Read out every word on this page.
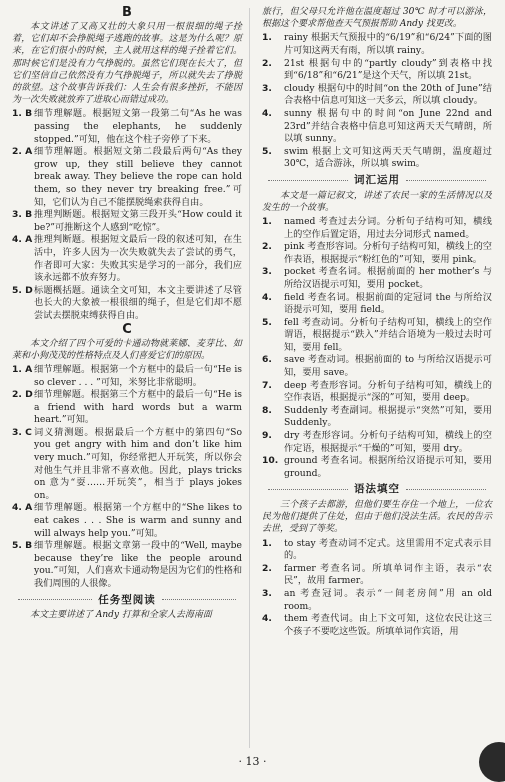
B

本文讲述了又高又壮的大象只用一根很细的绳子拴着，它们却不会挣脱绳子逃跑的故事。这是为什么呢？原来，在它们很小的时候，主人就用这样的绳子拴着它们。那时候它们是没有力气挣脱的。虽然它们现在长大了，但它们坚信自己依然没有力气挣脱绳子，所以就失去了挣脱的欲望。这个故事告诉我们：人生会有很多挫折，不能因为一次失败就放弃了进取心而错过成功。

1. B 细节理解题。根据短文第一段第二句“As he was passing the elephants, he suddenly stopped.”可知，他在这个柱子旁停了下来。
2. A 细节理解题。根据短文第二段最后两句“As they grow up, they still believe they cannot break away. They believe the rope can hold them, so they never try breaking free.”可知，它们认为自己不能摆脱绳索获得自由。
3. B 推理判断题。根据短文第三段开头“How could it be?”可推断这个人感到“吃惊”。
4. A 推理判断题。根据短文最后一段的叙述可知，在生活中，许多人因为一次失败就失去了尝试的勇气，作者即可大家：失败其实是学习的一部分，我们应该永远都不放弃努力。
5. D 标题概括题。通读全文可知，本文主要讲述了尽管也长大的大象被一根很细的绳子，但是它们却不愿尝试去摆脱束缚获得自由。
C

本文介绍了四个可爱的卡通动物就莱娜、麦芽比、如莱和小狗茂茂的性格特点及人们喜爱它们的原因。

1. A 细节理解题。根据第一个方框中的最后一句“He is so clever . . . ”可知，米努比非常聪明。
2. D 细节理解题。根据第三个方框中的最后一句“He is a friend with hard words but a warm heart.”可知。
3. C 词义猜测题。根据最后一个方框中的第四句“So you get angry with him and don’t like him very much.”可知，你经常把人开玩笑，所以你会对他生气并且非常不喜欢他。因此，plays tricks on 意为“耍……开玩笑”，相当于 plays jokes on。
4. A 细节理解题。根据第一个方框中的“She likes to eat cakes . . . She is warm and sunny and will always help you.”可知。
5. B 细节理解题。根据文章第一段中的“Well, maybe because they’re like the people around you.”可知，人们喜欢卡通动物是因为它们的性格和我们周围的人很像。
任务型阅读

本文主要讲述了 Andy 打算和全家人去海南面

旅行，但父母只允许他在温度超过 30℃ 时才可以游泳，根据这个要求帮他查天气预报帮助 Andy 找更改。

1.	rainy 根据天气预报中的“6/19”和“6/24”下面的图片可知这两天有雨，所以填 rainy。
2.	21st 根据句中的“partly cloudy”到表格中找到“6/18”和“6/21”是这个天气，所以填 21st。
3.	cloudy 根据句中的时间“on the 20th of June”结合表格中信息可知这一天多云，所以填 cloudy。
4.	sunny 根据句中的时间“on June 22nd and 23rd”并结合表格中信息可知这两天天气晴朗，所以填 sunny。
5.	swim 根据上文可知这两天天气晴朗，温度超过 30℃，适合游泳，所以填 swim。
词汇运用

本文是一篇记叙文，讲述了农民一家的生活情况以及发生的一个故事。

1.	named 考查过去分词。分析句子结构可知，横线上的空作后置定语，用过去分词形式 named。
2.	pink 考查形容词。分析句子结构可知，横线上的空作表语，根据提示“粉红色的”可知，要用 pink。
3.	pocket 考查名词。根据前面的 her mother’s 与所给汉语提示可知，要用 pocket。
4.	field 考查名词。根据前面的定冠词 the 与所给汉语提示可知，要用 field。
5.	fell 考查动词。分析句子结构可知，横线上的空作谓语，根据提示“跌入”并结合语境为一般过去时可知，要用 fell。
6.	save 考查动词。根据前面的 to 与所给汉语提示可知，要用 save。
7.	deep 考查形容词。分析句子结构可知，横线上的空作表语，根据提示“深的”可知，要用 deep。
8.	Suddenly 考查副词。根据提示“突然”可知，要用 Suddenly。
9.	dry 考查形容词。分析句子结构可知，横线上的空作定语，根据提示“干燥的”可知，要用 dry。
10. ground 考查名词。根据所给汉语提示可知，要用 ground。
语法填空

三个孩子去都游，但他们要生存住一个地上，一位农民为他们提供了住处，但由于他们没法生活。农民的告示去世，受到了等奖。

1.	to stay 考查动词不定式。这里需用不定式表示目的。
2.	farmer 考查名词。所填单词作主语，表示“农民”，故用 farmer。
3.	an 考查冠词。表示“一间老房间”用 an old room。
4.	them 考查代词。由上下文可知，这位农民让这三个孩子不要吃这些饭。所填单词作宾语，用
· 13 ·
